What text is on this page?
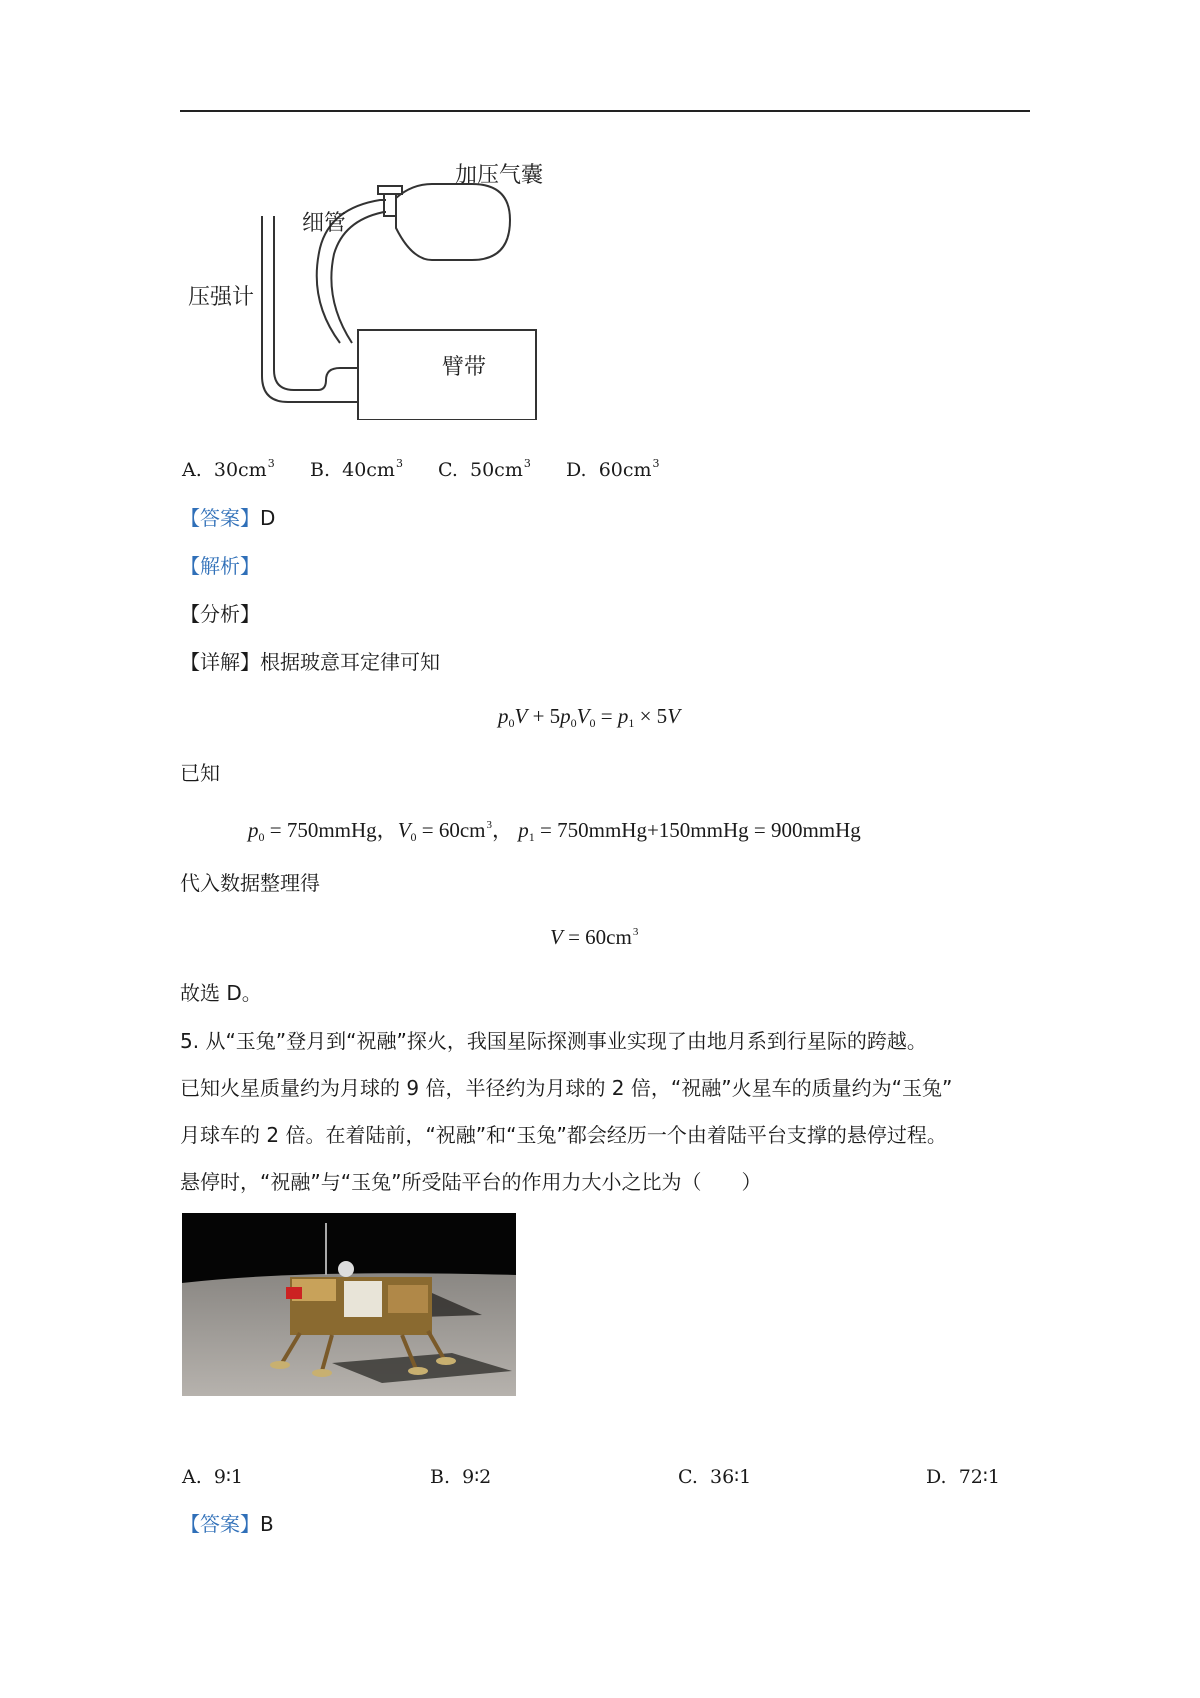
加压气囊
细管
压强计
臂带
A. $30cm^3$ B. $40cm^3$ C. $50cm^3$ D. $60cm^3$
【答案】D
【解析】
【分析】
【详解】根据玻意耳定律可知
$p_0V + 5p_0V_0 = p_1 \times 5V$
已知
$p_0$ = 750mmHg，$V_0 = 60cm^3$， $p_1$ = 750mmHg+150mmHg = 900mmHg
代入数据整理得
$V = 60cm^3$
故选 D。
5. 从“玉兔”登月到“祝融”探火，我国星际探测事业实现了由地月系到行星际的跨越。
已知火星质量约为月球的 9 倍，半径约为月球的 2 倍，“祝融”火星车的质量约为“玉兔”
月球车的 2 倍。在着陆前，“祝融”和“玉兔”都会经历一个由着陆平台支撑的悬停过程。
悬停时，“祝融”与“玉兔”所受陆平台的作用力大小之比为（　　）
A. 9∶1	B. 9∶2	C. 36∶1	D. 72∶1
【答案】B
